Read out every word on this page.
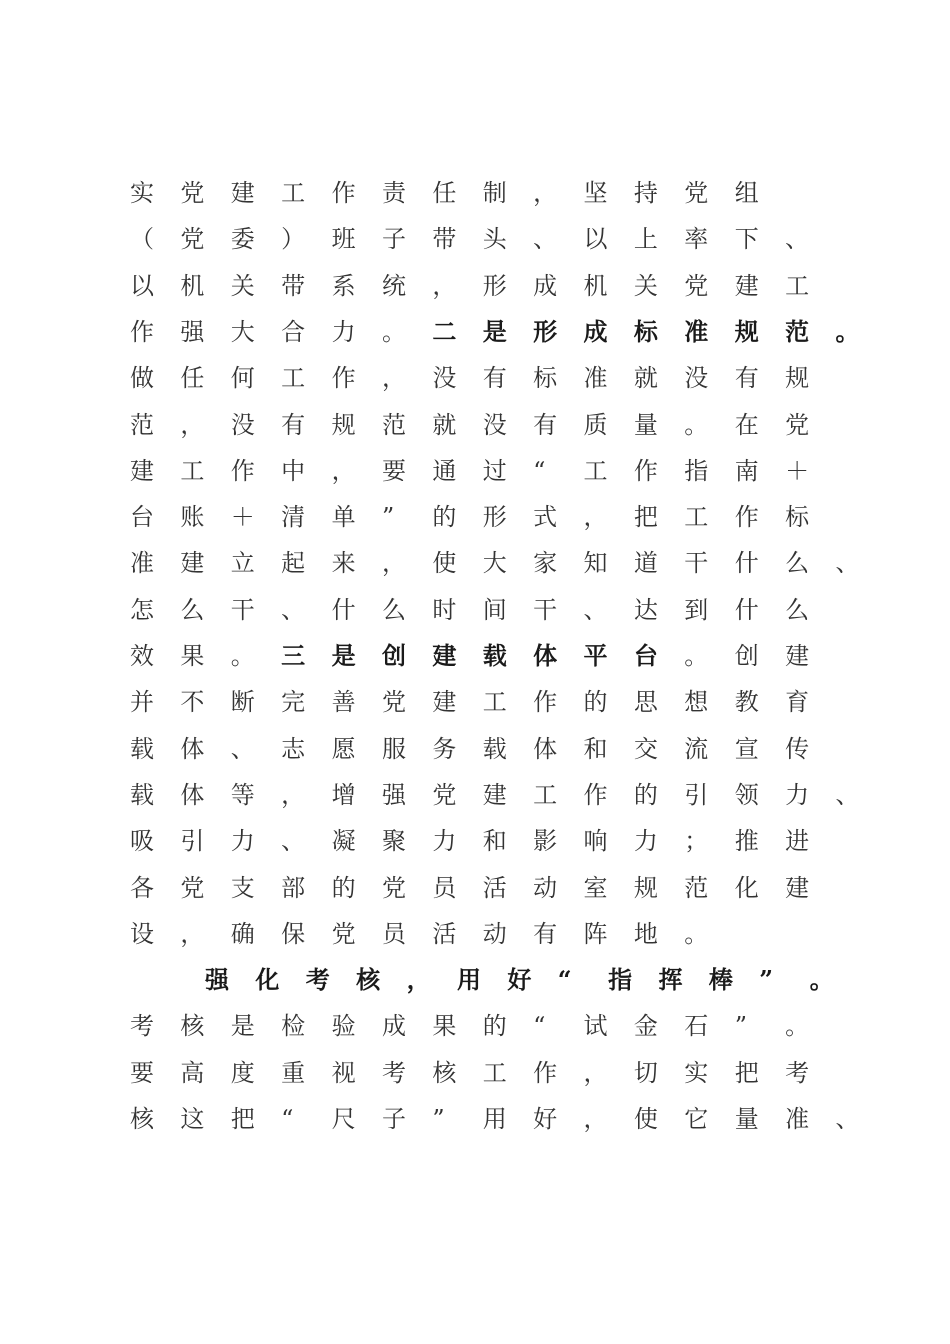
实	党	建	工	作	责	任	制	，	坚	持	党	组
（	党	委	）	班	子	带	头	、	以	上	率	下	、
以	机	关	带	系	统	，	形	成	机	关	党	建	工
作	强	大	合	力	。	二	是	形	成	标	准	规	范	。
做	任	何	工	作	，	没	有	标	准	就	没	有	规
范	，	没	有	规	范	就	没	有	质	量	。	在	党
建	工	作	中	，	要	通	过	“	工	作	指	南	＋
台	账	＋	清	单	”	的	形	式	，	把	工	作	标
准	建	立	起	来	，	使	大	家	知	道	干	什	么	、
怎	么	干	、	什	么	时	间	干	、	达	到	什	么
效	果	。	三	是	创	建	载	体	平	台	。	创	建
并	不	断	完	善	党	建	工	作	的	思	想	教	育
载	体	、	志	愿	服	务	载	体	和	交	流	宣	传
载	体	等	，	增	强	党	建	工	作	的	引	领	力	、
吸	引	力	、	凝	聚	力	和	影	响	力	；	推	进
各	党	支	部	的	党	员	活	动	室	规	范	化	建
设	，	确	保	党	员	活	动	有	阵	地	。
强	化	考	核	，	用	好	“	指	挥	棒	”	。
考	核	是	检	验	成	果	的	“	试	金	石	”	。
要	高	度	重	视	考	核	工	作	，	切	实	把	考
核	这	把	“	尺	子	”	用	好	，	使	它	量	准	、
